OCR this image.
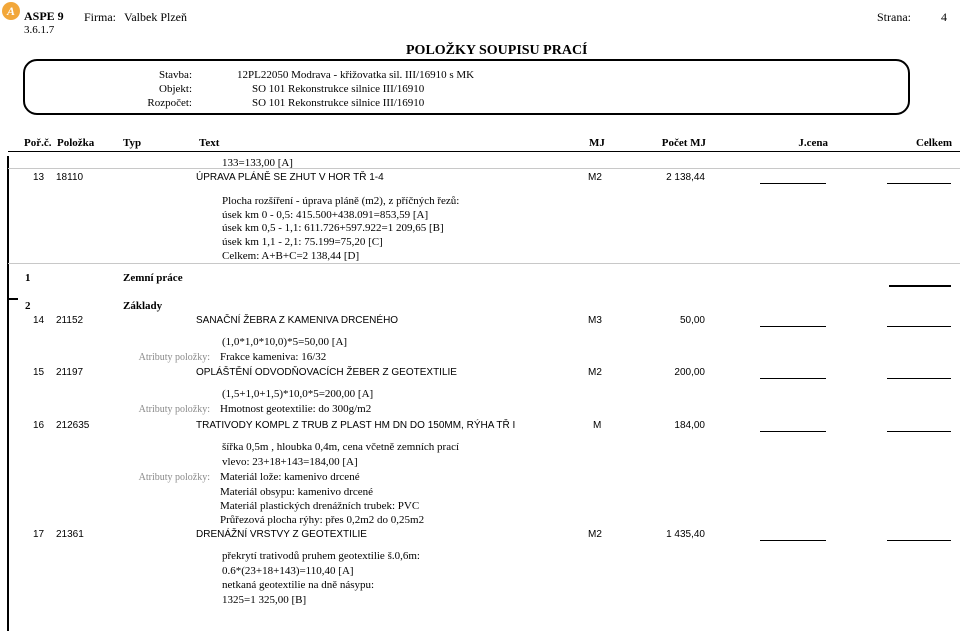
A ASPE 9
3.6.1.7
Firma: Valbek Plzeň	Strana:	4
POLOŽKY SOUPISU PRACÍ
Stavba:	12PL22050 Modrava - křižovatka sil. III/16910 s MK
Objekt:	SO 101 Rekonstrukce silnice III/16910
Rozpočet:	SO 101 Rekonstrukce silnice III/16910
Poř.č. Položka	Typ	Text	MJ	Počet MJ	J.cena	Celkem
133=133,00 [A]
13 18110	ÚPRAVA PLÁNĚ SE ZHUT V HOR TŘ 1-4	M2	2 138,44
Plocha rozšíření - úprava pláně (m2), z příčných řezů:
úsek km 0 - 0,5: 415.500+438.091=853,59 [A]
úsek km 0,5 - 1,1: 611.726+597.922=1 209,65 [B]
úsek km 1,1 - 2,1: 75.199=75,20 [C]
Celkem: A+B+C=2 138,44 [D]
1	Zemní práce
2	Základy
14 21152	SANAČNÍ ŽEBRA Z KAMENIVA DRCENÉHO	M3	50,00
(1,0*1,0*10,0)*5=50,00 [A]
Atributy položky: Frakce kameniva: 16/32
15 21197	OPLÁŠTĚNÍ ODVODŇOVACÍCH ŽEBER Z GEOTEXTILIE	M2	200,00
(1,5+1,0+1,5)*10,0*5=200,00 [A]
Atributy položky: Hmotnost geotextilie: do 300g/m2
16 212635	TRATIVODY KOMPL Z TRUB Z PLAST HM DN DO 150MM, RÝHA TŘ I	M	184,00
šířka 0,5m , hloubka 0,4m, cena včetně zemních prací
vlevo: 23+18+143=184,00 [A]
Atributy položky: Materiál lože: kamenivo drcené
Materiál obsypu: kamenivo drcené
Materiál plastických drenážních trubek: PVC
Průřezová plocha rýhy: přes 0,2m2 do 0,25m2
17 21361	DRENÁŽNÍ VRSTVY Z GEOTEXTILIE	M2	1 435,40
překrytí trativodů pruhem geotextilie š.0,6m:
0.6*(23+18+143)=110,40 [A]
netkaná geotextilie na dně násypu:
1325=1 325,00 [B]
